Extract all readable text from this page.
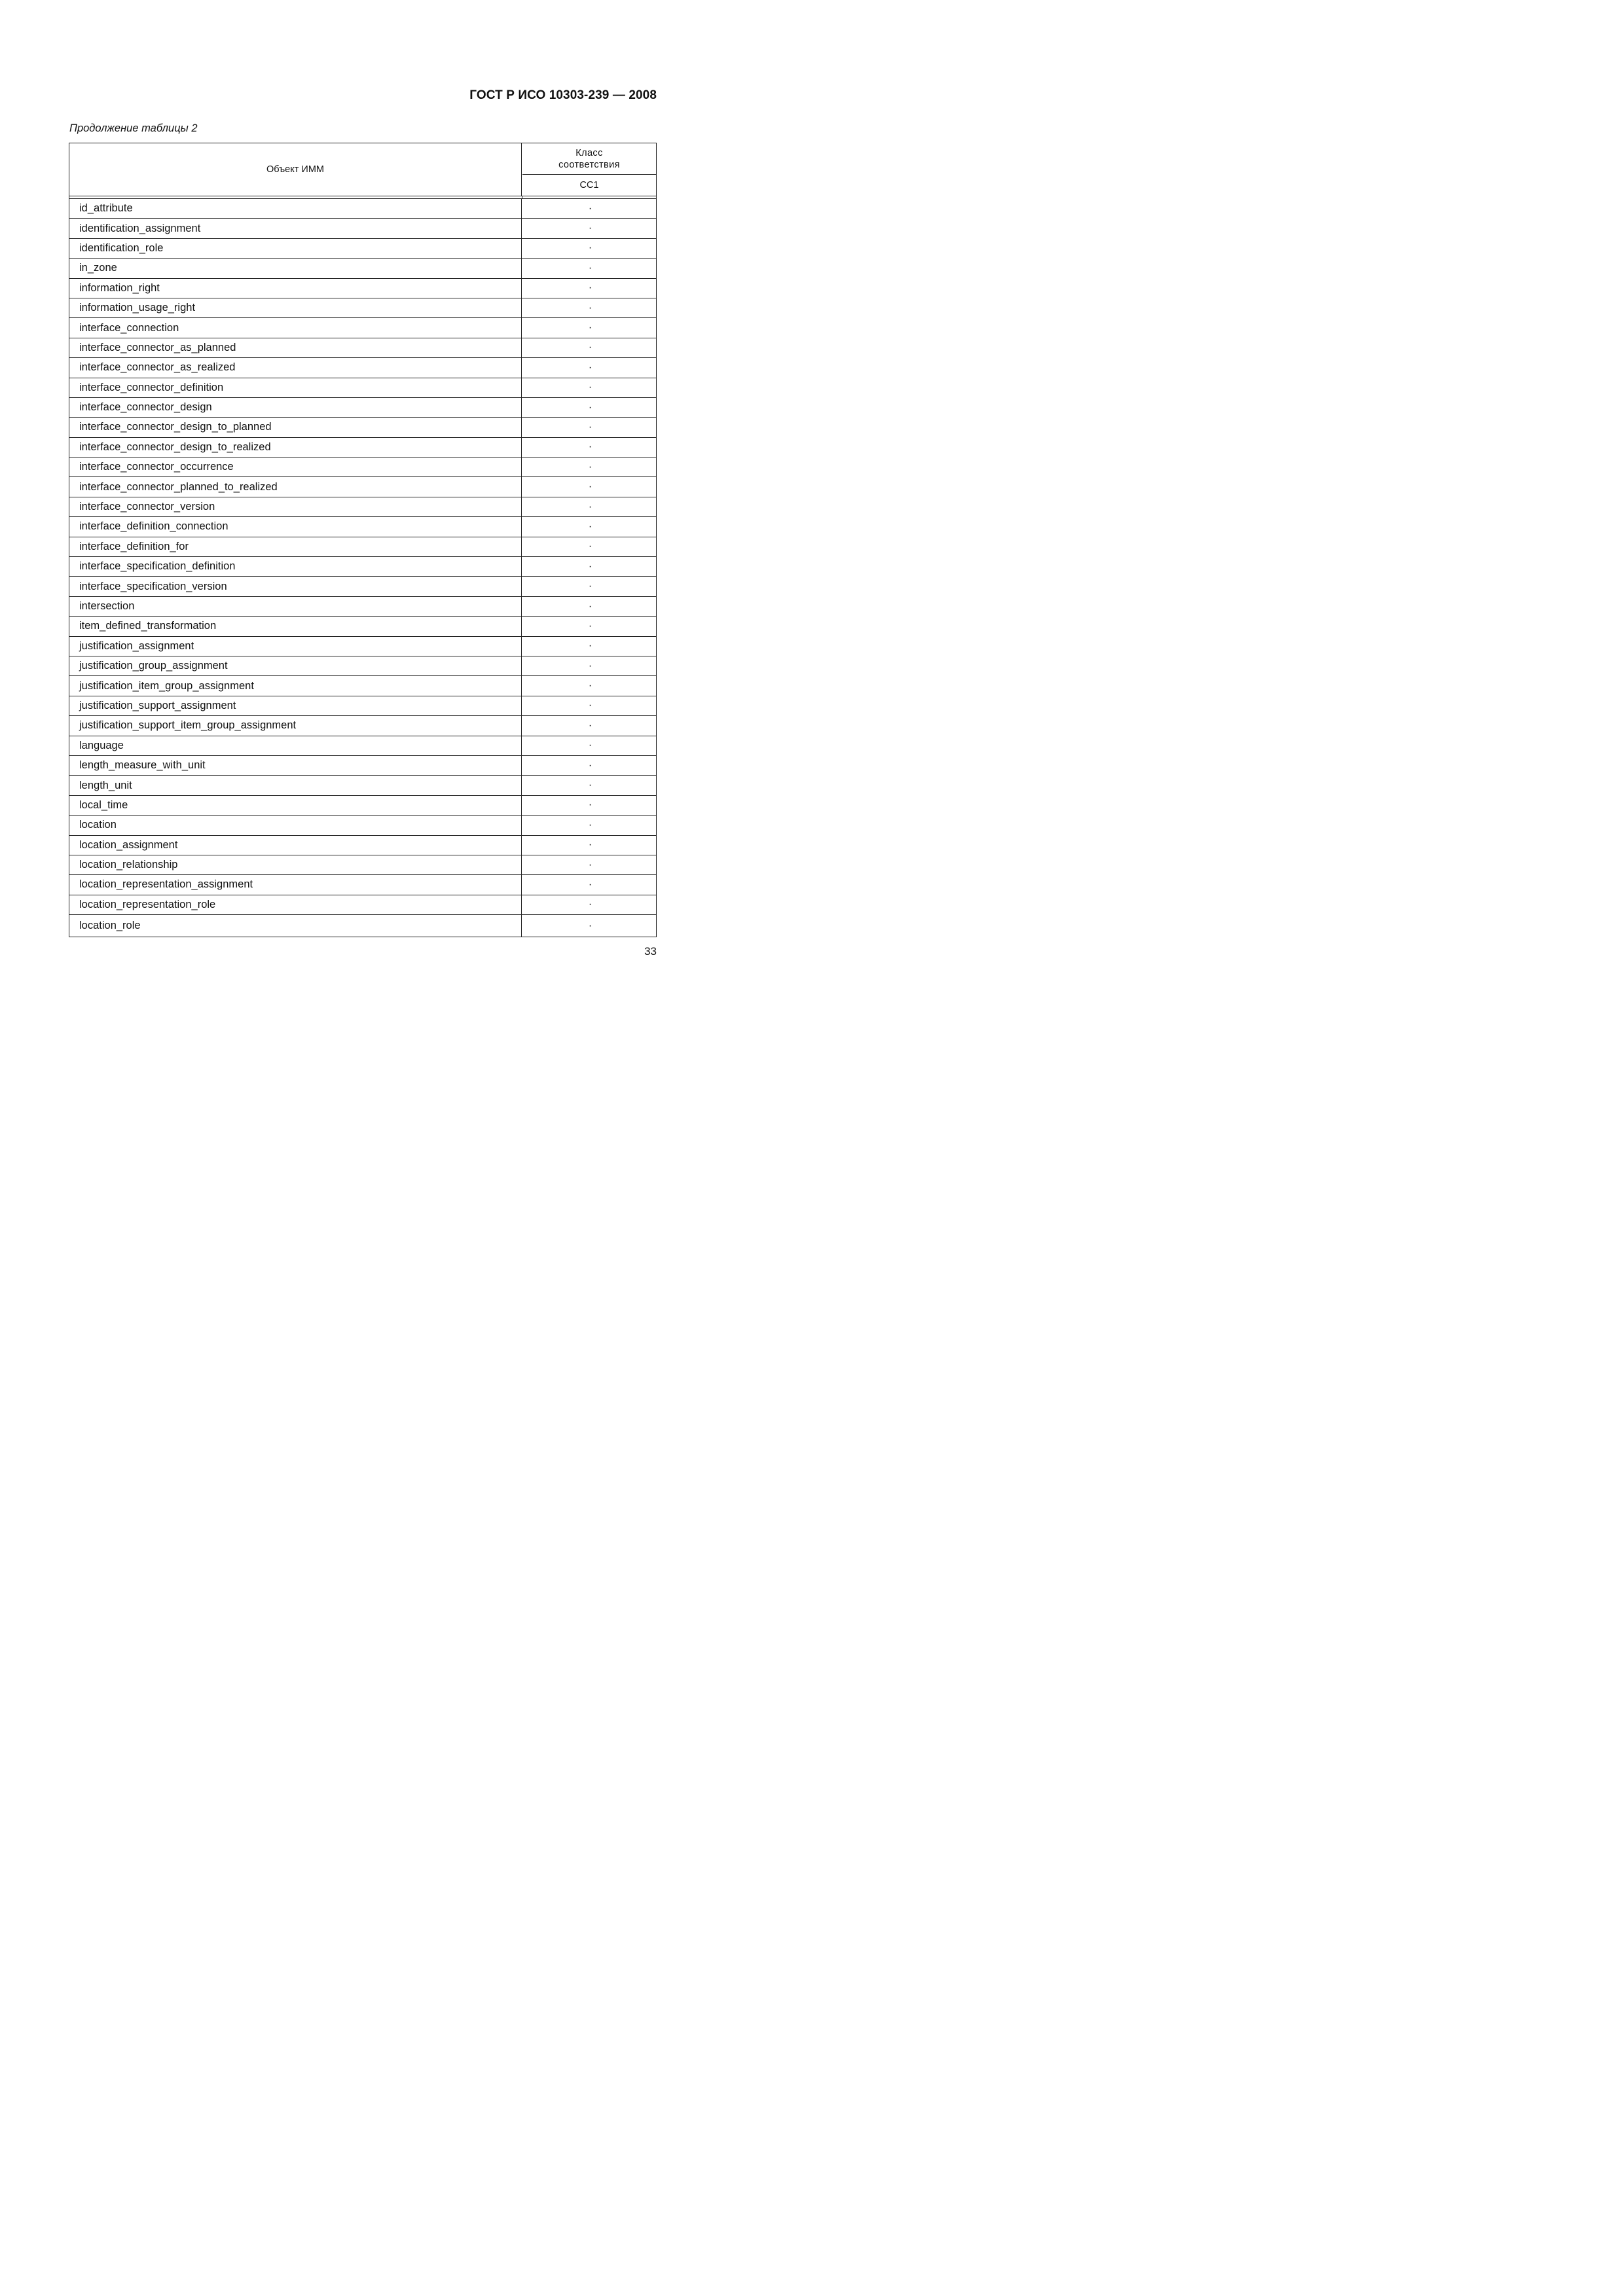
ГОСТ Р ИСО 10303-239 — 2008
Продолжение таблицы 2
Объект ИММ
Класс
соответствия
CC1
id_attribute	·
identification_assignment	·
identification_role	·
in_zone	·
information_right	·
information_usage_right	·
interface_connection	·
interface_connector_as_planned	·
interface_connector_as_realized	·
interface_connector_definition	·
interface_connector_design	·
interface_connector_design_to_planned	·
interface_connector_design_to_realized	·
interface_connector_occurrence	·
interface_connector_planned_to_realized	·
interface_connector_version	·
interface_definition_connection	·
interface_definition_for	·
interface_specification_definition	·
interface_specification_version	·
intersection	·
item_defined_transformation	·
justification_assignment	·
justification_group_assignment	·
justification_item_group_assignment	·
justification_support_assignment	·
justification_support_item_group_assignment	·
language	·
length_measure_with_unit	·
length_unit	·
local_time	·
location	·
location_assignment	·
location_relationship	·
location_representation_assignment	·
location_representation_role	·
location_role	·
33
